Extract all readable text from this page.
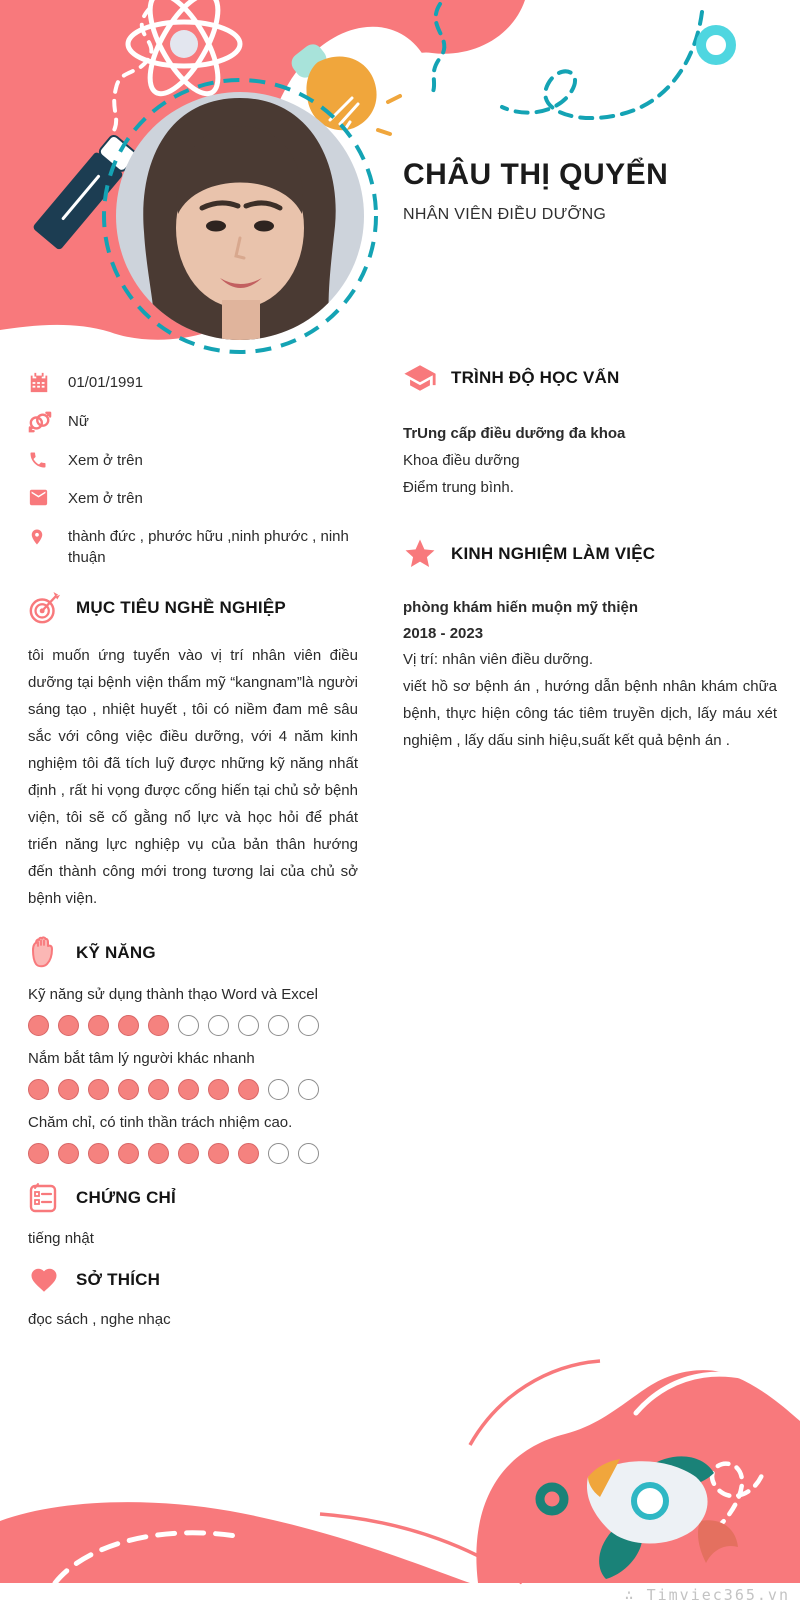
CHÂU THỊ QUYỂN
NHÂN VIÊN ĐIỀU DƯỠNG
01/01/1991
Nữ
Xem ở trên
Xem ở trên
thành đức , phước hữu ,ninh phước , ninh thuận
MỤC TIÊU NGHỀ NGHIỆP

tôi muốn ứng tuyển vào vị trí nhân viên điều dưỡng tại bệnh viện thẩm mỹ “kangnam”là người sáng tạo , nhiệt huyết , tôi có niềm đam mê sâu sắc với công việc điều dưỡng, với 4 năm kinh nghiệm tôi đã tích luỹ được những kỹ năng nhất định , rất hi vọng được cống hiến tại chủ sở bệnh viện, tôi sẽ cố gằng nổ lực và học hỏi để phát triển năng lực nghiệp vụ của bản thân hướng đến thành công mới trong tương lai của chủ sở bệnh viện.

KỸ NĂNG
Kỹ năng sử dụng thành thạo Word và Excel
Nắm bắt tâm lý người khác nhanh
Chăm chỉ, có tinh thần trách nhiệm cao.
CHỨNG CHỈ
tiếng nhật
SỞ THÍCH
đọc sách , nghe nhạc
TRÌNH ĐỘ HỌC VẤN
TrUng cấp điều dưỡng đa khoa
Khoa điều dưỡng
Điểm trung bình.
KINH NGHIỆM LÀM VIỆC
phòng khám hiến muộn mỹ thiện
2018 - 2023
Vị trí: nhân viên điều dưỡng.
viết hồ sơ bệnh án , hướng dẫn bệnh nhân khám chữa bệnh, thực hiện công tác tiêm truyền dịch, lấy máu xét nghiệm , lấy dấu sinh hiệu,suất kết quả bệnh án .
∴ Timviec365.vn
